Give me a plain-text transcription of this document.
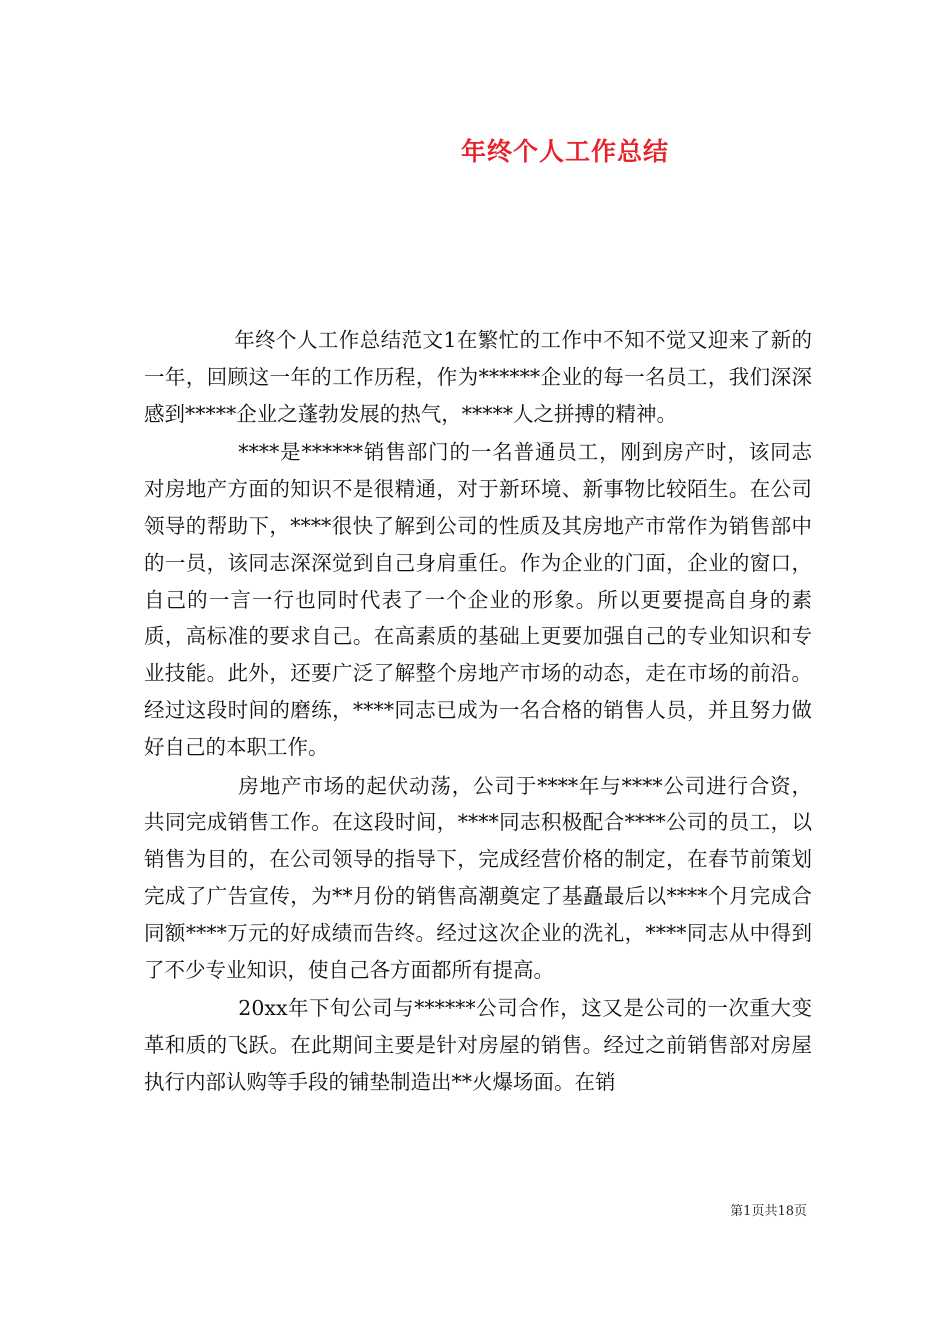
年终个人工作总结

年终个人工作总结范文1在繁忙的工作中不知不觉又迎来了新的一年，回顾这一年的工作历程，作为******企业的每一名员工，我们深深感到*****企业之蓬勃发展的热气，*****人之拼搏的精神。

****是******销售部门的一名普通员工，刚到房产时，该同志对房地产方面的知识不是很精通，对于新环境、新事物比较陌生。在公司领导的帮助下，****很快了解到公司的性质及其房地产市常作为销售部中的一员，该同志深深觉到自己身肩重任。作为企业的门面，企业的窗口，自己的一言一行也同时代表了一个企业的形象。所以更要提高自身的素质，高标准的要求自己。在高素质的基础上更要加强自己的专业知识和专业技能。此外，还要广泛了解整个房地产市场的动态，走在市场的前沿。经过这段时间的磨练，****同志已成为一名合格的销售人员，并且努力做好自己的本职工作。

房地产市场的起伏动荡，公司于****年与****公司进行合资，共同完成销售工作。在这段时间，****同志积极配合****公司的员工，以销售为目的，在公司领导的指导下，完成经营价格的制定，在春节前策划完成了广告宣传，为**月份的销售高潮奠定了基矗最后以****个月完成合同额****万元的好成绩而告终。经过这次企业的洗礼，****同志从中得到了不少专业知识，使自己各方面都所有提高。

20xx年下旬公司与******公司合作，这又是公司的一次重大变革和质的飞跃。在此期间主要是针对房屋的销售。经过之前销售部对房屋执行内部认购等手段的铺垫制造出**火爆场面。在销

第1页共18页
